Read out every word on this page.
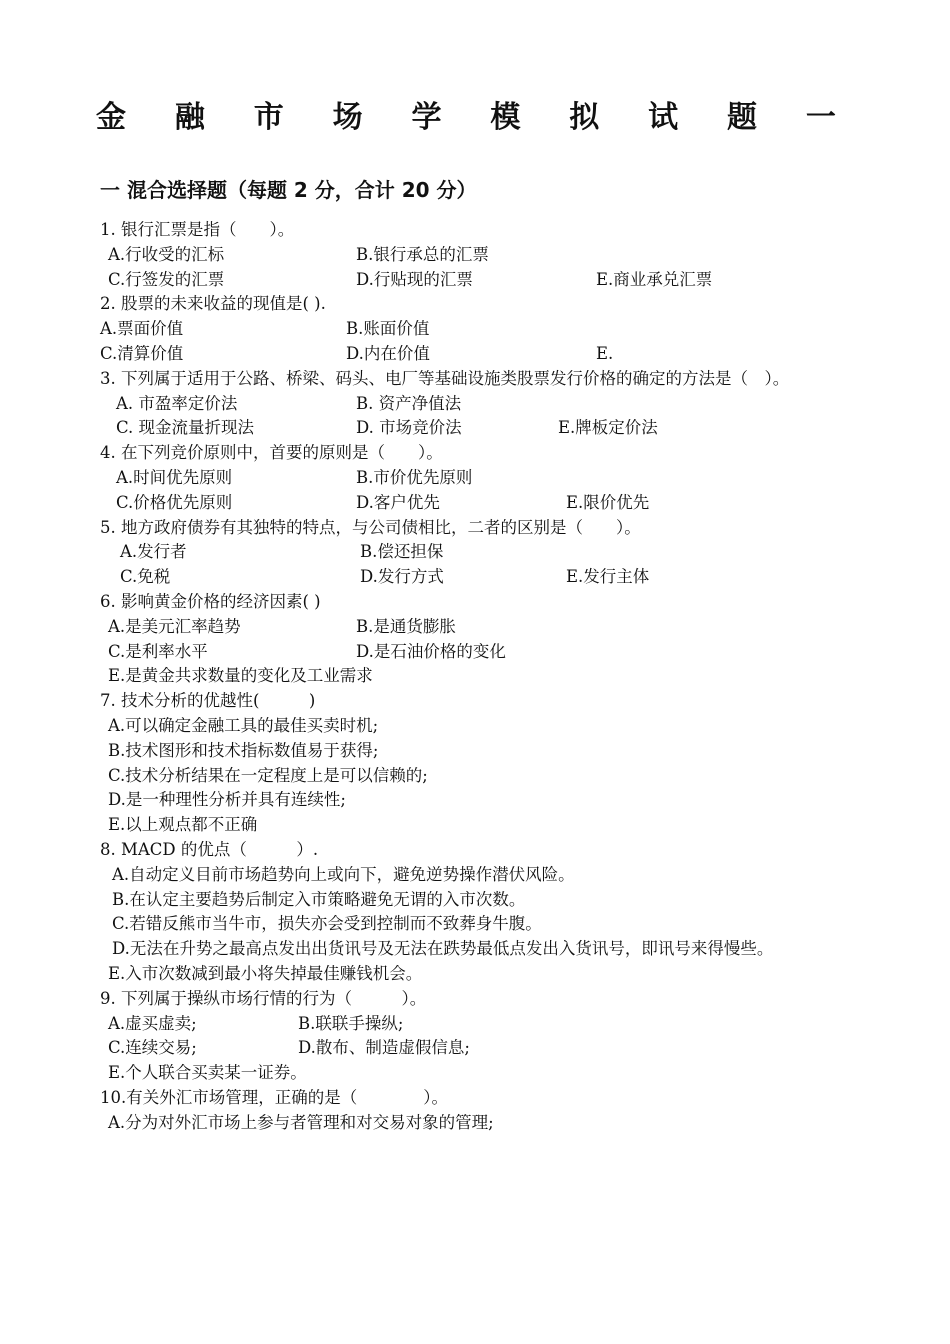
金 融 市 场 学 模 拟 试 题 一
一 混合选择题（每题 2 分，合计 20 分）
1. 银行汇票是指（　　）。
A.行收受的汇标	B.银行承总的汇票
C.行签发的汇票	D.行贴现的汇票	E.商业承兑汇票
2. 股票的未来收益的现值是( ).
A.票面价值	B.账面价值
C.清算价值	D.内在价值	E.
3. 下列属于适用于公路、桥梁、码头、电厂等基础设施类股票发行价格的确定的方法是（　）。
A. 市盈率定价法	B. 资产净值法
C. 现金流量折现法	D. 市场竞价法	E.牌板定价法
4. 在下列竞价原则中，首要的原则是（　　）。
A.时间优先原则	B.市价优先原则
C.价格优先原则	D.客户优先	E.限价优先
5. 地方政府债券有其独特的特点，与公司债相比，二者的区别是（　　）。
A.发行者	B.偿还担保
C.免税	D.发行方式	E.发行主体
6. 影响黄金价格的经济因素( )
A.是美元汇率趋势	B.是通货膨胀
C.是利率水平	D.是石油价格的变化
E.是黄金共求数量的变化及工业需求
7. 技术分析的优越性(　　　)
A.可以确定金融工具的最佳买卖时机;
B.技术图形和技术指标数值易于获得;
C.技术分析结果在一定程度上是可以信赖的;
D.是一种理性分析并具有连续性;
E.以上观点都不正确
8. MACD 的优点（　　　）.
A.自动定义目前市场趋势向上或向下，避免逆势操作潜伏风险。
B.在认定主要趋势后制定入市策略避免无谓的入市次数。
C.若错反熊市当牛市，损失亦会受到控制而不致葬身牛腹。
D.无法在升势之最高点发出出货讯号及无法在跌势最低点发出入货讯号，即讯号来得慢些。
E.入市次数减到最小将失掉最佳赚钱机会。
9. 下列属于操纵市场行情的行为（　　　）。
A.虚买虚卖;	B.联联手操纵;
C.连续交易;	D.散布、制造虚假信息;
E.个人联合买卖某一证券。
10.有关外汇市场管理，正确的是（　　　　）。
A.分为对外汇市场上参与者管理和对交易对象的管理;
